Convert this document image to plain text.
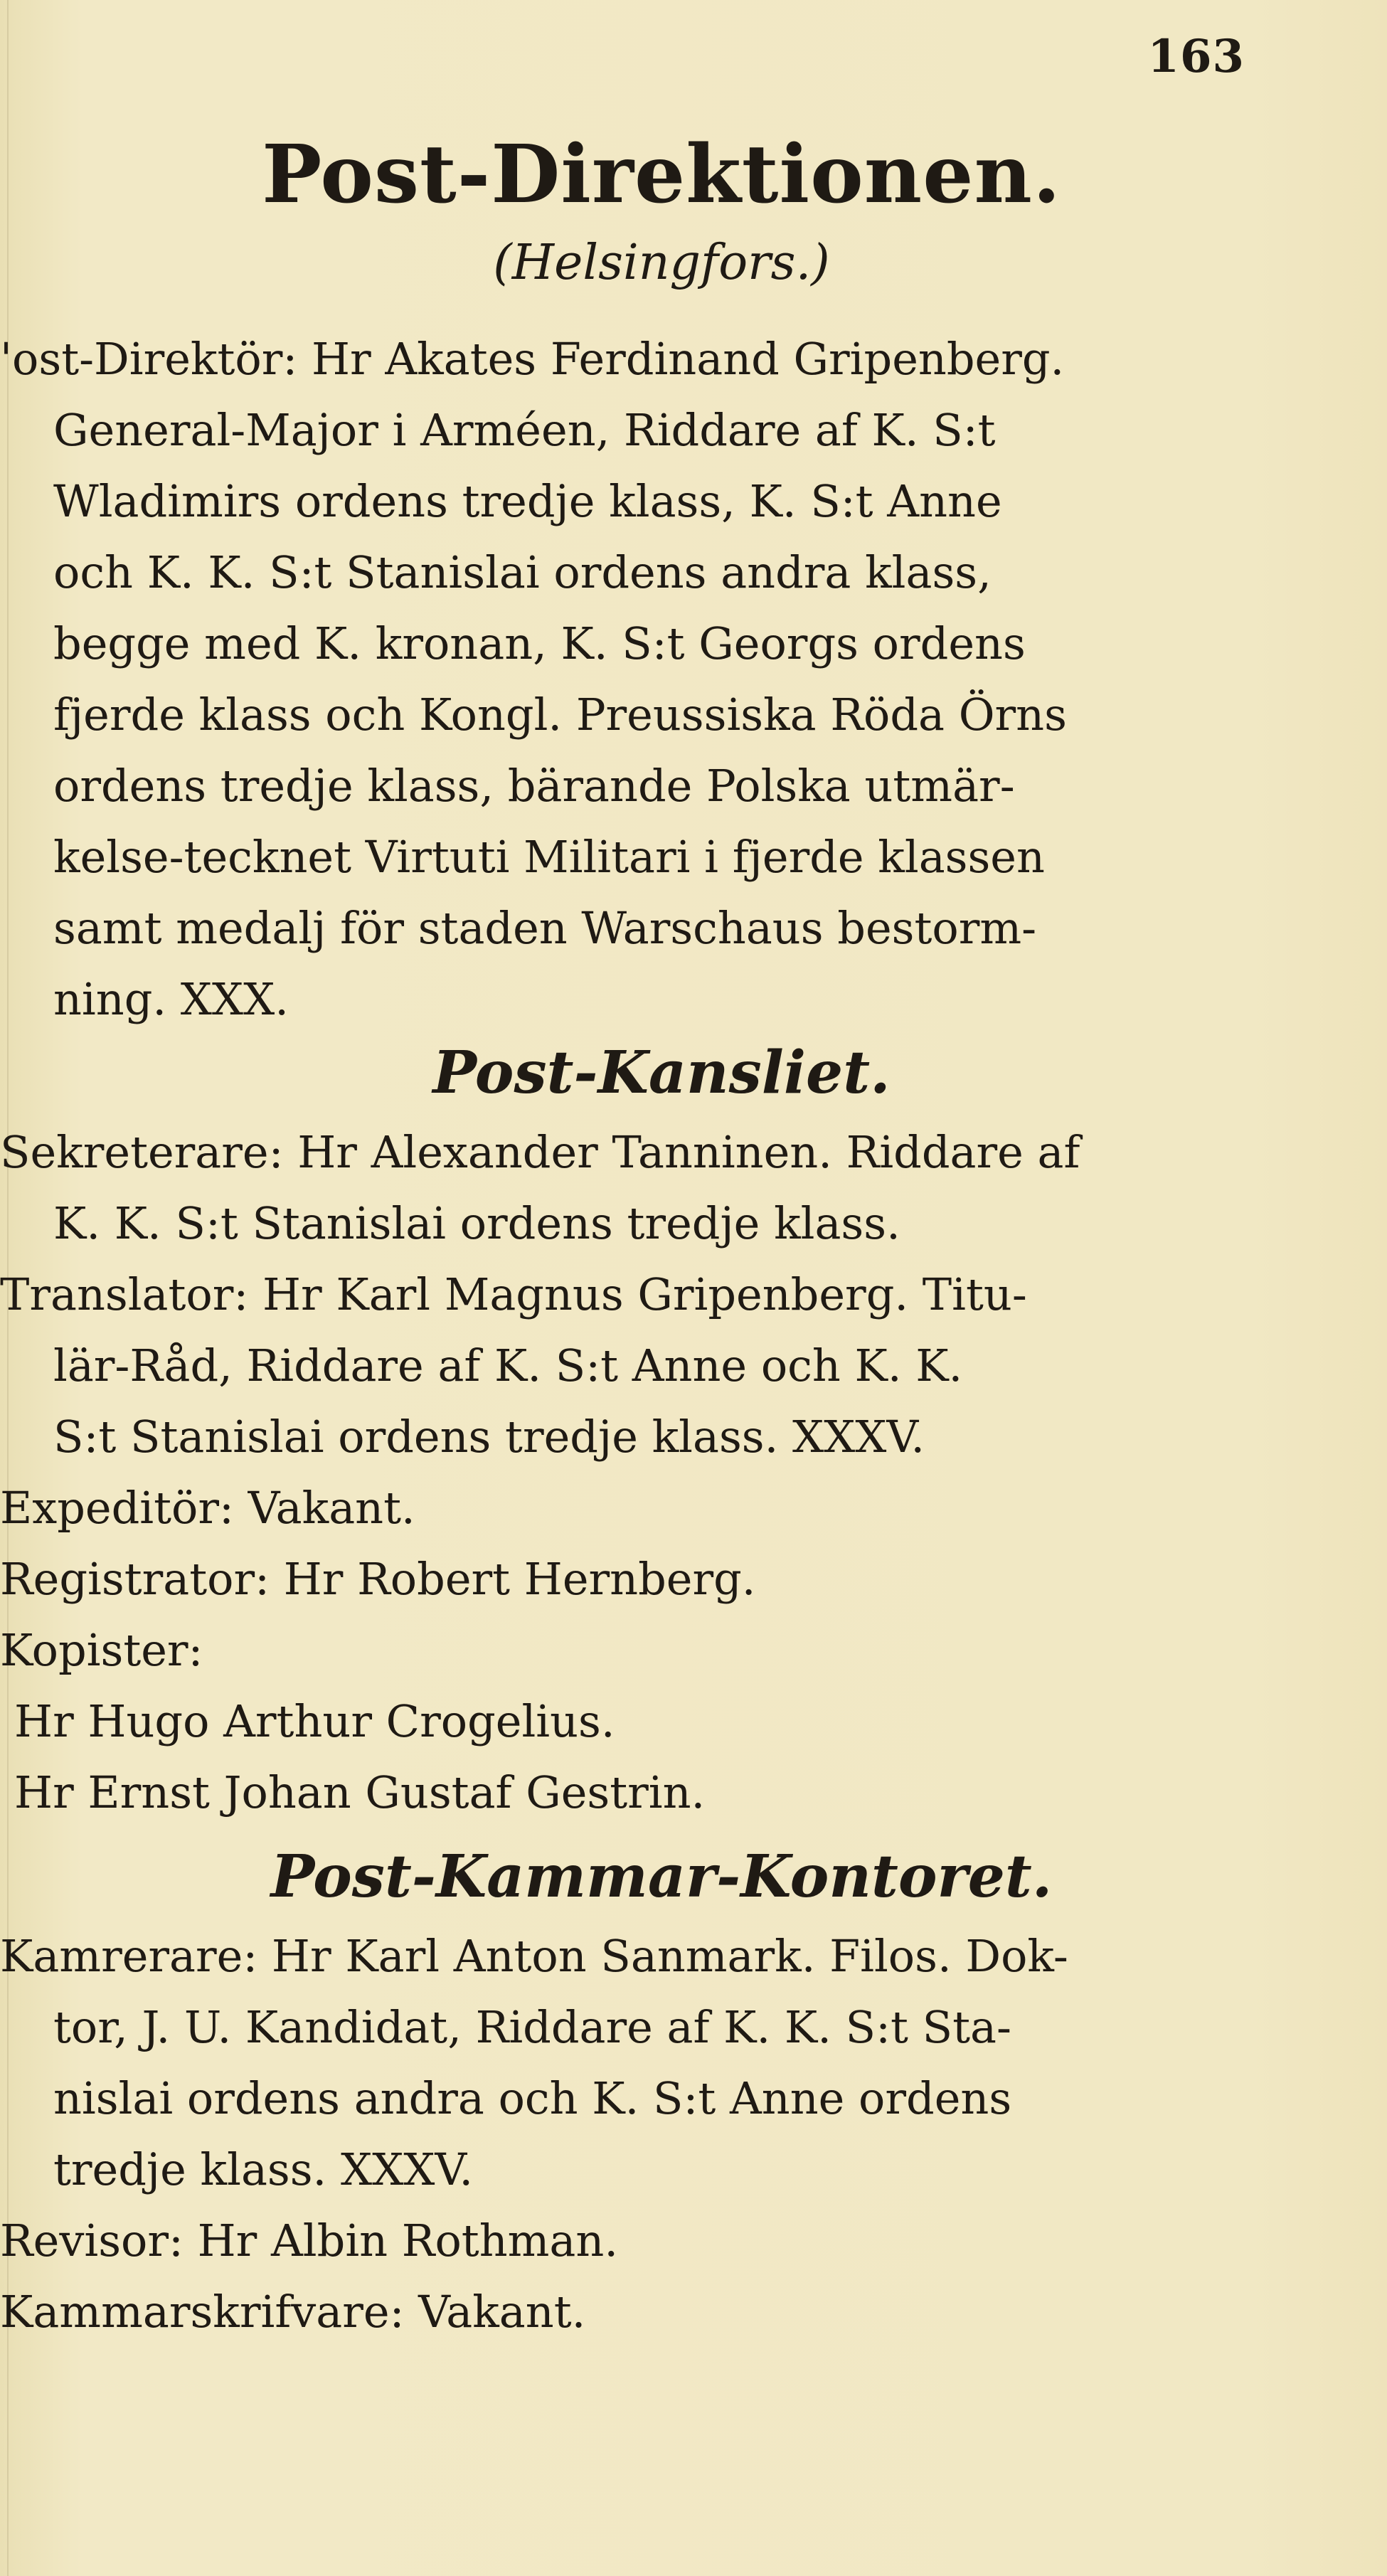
163
Post-Direktionen.
(Helsingfors.)
'ost-Direktör: Hr Akates Ferdinand Gripenberg.
General-Major i Arméen, Riddare af K. S:t
Wladimirs ordens tredje klass, K. S:t Anne
och K. K. S:t Stanislai ordens andra klass,
begge med K. kronan, K. S:t Georgs ordens
fjerde klass och Kongl. Preussiska Röda Örns
ordens tredje klass, bärande Polska utmär-
kelse-tecknet Virtuti Militari i fjerde klassen
samt medalj för staden Warschaus bestorm-
ning. XXX.
Post-Kansliet.
Sekreterare: Hr Alexander Tanninen. Riddare af
K. K. S:t Stanislai ordens tredje klass.
Translator: Hr Karl Magnus Gripenberg. Titu-
lär-Råd, Riddare af K. S:t Anne och K. K.
S:t Stanislai ordens tredje klass. XXXV.
Expeditör: Vakant.
Registrator: Hr Robert Hernberg.
Kopister:
Hr Hugo Arthur Crogelius.
Hr Ernst Johan Gustaf Gestrin.
Post-Kammar-Kontoret.
Kamrerare: Hr Karl Anton Sanmark. Filos. Dok-
tor, J. U. Kandidat, Riddare af K. K. S:t Sta-
nislai ordens andra och K. S:t Anne ordens
tredje klass. XXXV.
Revisor: Hr Albin Rothman.
Kammarskrifvare: Vakant.
